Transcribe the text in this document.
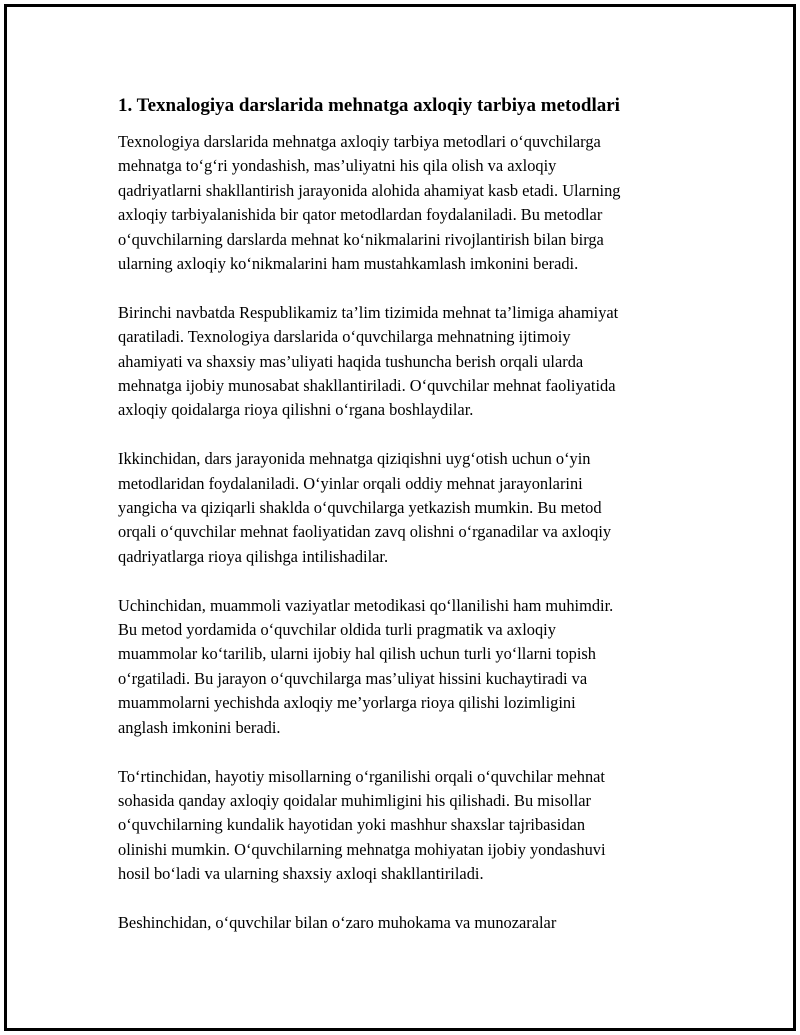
1. Texnalogiya darslarida mehnatga axloqiy tarbiya metodlari
Texnologiya darslarida mehnatga axloqiy tarbiya metodlari o‘quvchilarga
mehnatga to‘g‘ri yondashish, mas’uliyatni his qila olish va axloqiy
qadriyatlarni shakllantirish jarayonida alohida ahamiyat kasb etadi. Ularning
axloqiy tarbiyalanishida bir qator metodlardan foydalaniladi. Bu metodlar
o‘quvchilarning darslarda mehnat ko‘nikmalarini rivojlantirish bilan birga
ularning axloqiy ko‘nikmalarini ham mustahkamlash imkonini beradi.
Birinchi navbatda Respublikamiz ta’lim tizimida mehnat ta’limiga ahamiyat
qaratiladi. Texnologiya darslarida o‘quvchilarga mehnatning ijtimoiy
ahamiyati va shaxsiy mas’uliyati haqida tushuncha berish orqali ularda
mehnatga ijobiy munosabat shakllantiriladi. O‘quvchilar mehnat faoliyatida
axloqiy qoidalarga rioya qilishni o‘rgana boshlaydilar.
Ikkinchidan, dars jarayonida mehnatga qiziqishni uyg‘otish uchun o‘yin
metodlaridan foydalaniladi. O‘yinlar orqali oddiy mehnat jarayonlarini
yangicha va qiziqarli shaklda o‘quvchilarga yetkazish mumkin. Bu metod
orqali o‘quvchilar mehnat faoliyatidan zavq olishni o‘rganadilar va axloqiy
qadriyatlarga rioya qilishga intilishadilar.
Uchinchidan, muammoli vaziyatlar metodikasi qo‘llanilishi ham muhimdir.
Bu metod yordamida o‘quvchilar oldida turli pragmatik va axloqiy
muammolar ko‘tarilib, ularni ijobiy hal qilish uchun turli yo‘llarni topish
o‘rgatiladi. Bu jarayon o‘quvchilarga mas’uliyat hissini kuchaytiradi va
muammolarni yechishda axloqiy me’yorlarga rioya qilishi lozimligini
anglash imkonini beradi.
To‘rtinchidan, hayotiy misollarning o‘rganilishi orqali o‘quvchilar mehnat
sohasida qanday axloqiy qoidalar muhimligini his qilishadi. Bu misollar
o‘quvchilarning kundalik hayotidan yoki mashhur shaxslar tajribasidan
olinishi mumkin. O‘quvchilarning mehnatga mohiyatan ijobiy yondashuvi
hosil bo‘ladi va ularning shaxsiy axloqi shakllantiriladi.
Beshinchidan, o‘quvchilar bilan o‘zaro muhokama va munozaralar
